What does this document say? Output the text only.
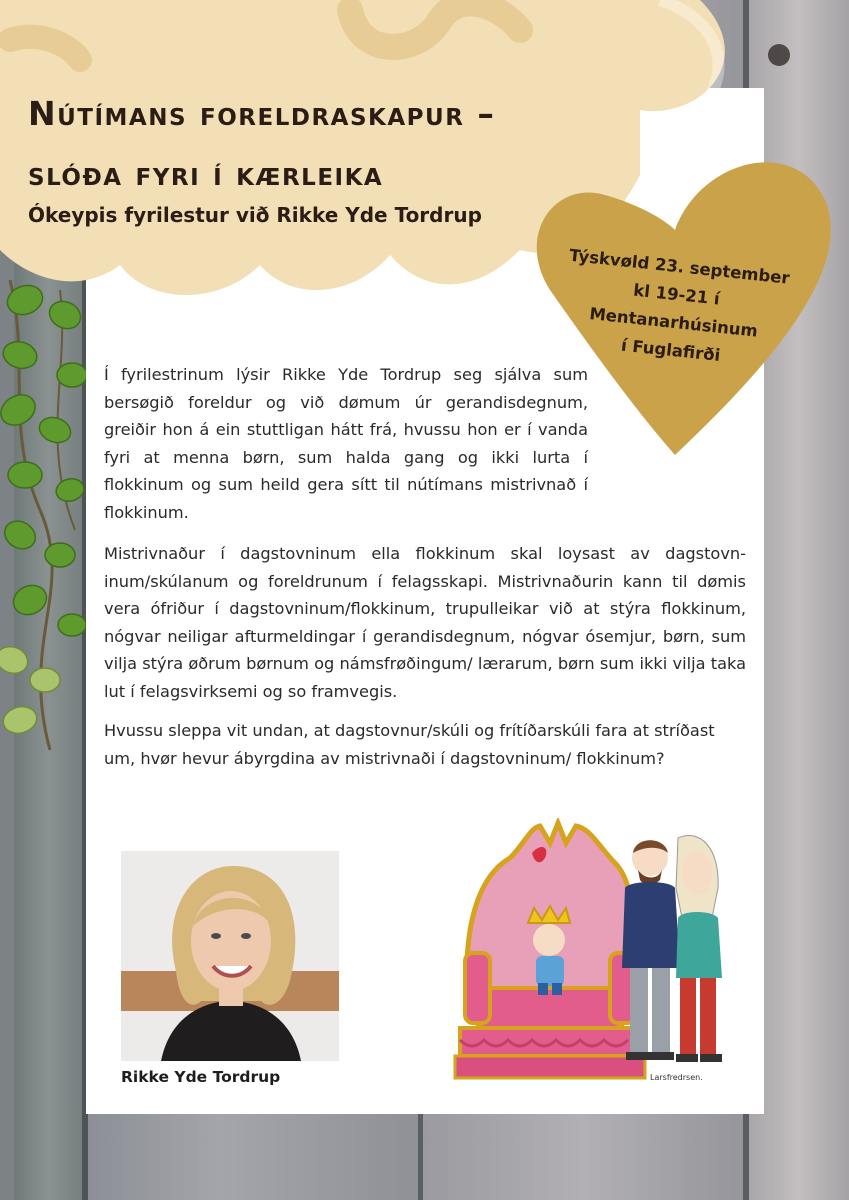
Nútímans foreldraskapur –
slóða fyri í kærleika
Ókeypis fyrilestur við Rikke Yde Tordrup
Týskvøld 23. september
kl 19-21 í
Mentanarhúsinum
í Fuglafirði

Í fyrilestrinum lýsir Rikke Yde Tordrup seg sjálva sum bersøgið foreldur og við dømum úr gerandisdegnum, greiðir hon á ein stuttligan hátt frá, hvussu hon er í vanda fyri at menna børn, sum halda gang og ikki lurta í flokkinum og sum heild gera sítt til nútímans mistrivnað í flokkinum.

Mistrivnaður í dagstovninum ella flokkinum skal loysast av dagstovn-inum/skúlanum og foreldrunum í felagsskapi. Mistrivnaðurin kann til dømis vera ófriður í dagstovninum/flokkinum, trupulleikar við at stýra flokkinum, nógvar neiligar afturmeldingar í gerandisdegnum, nógvar ósemjur, børn, sum vilja stýra øðrum børnum og námsfrøðingum/ lærarum, børn sum ikki vilja taka lut í felagsvirksemi og so framvegis.

Hvussu sleppa vit undan, at dagstovnur/skúli og frítíðarskúli fara at stríðast um, hvør hevur ábyrgdina av mistrivnaði í dagstovninum/ flokkinum?

Rikke Yde Tordrup	Larsfredrsen.
